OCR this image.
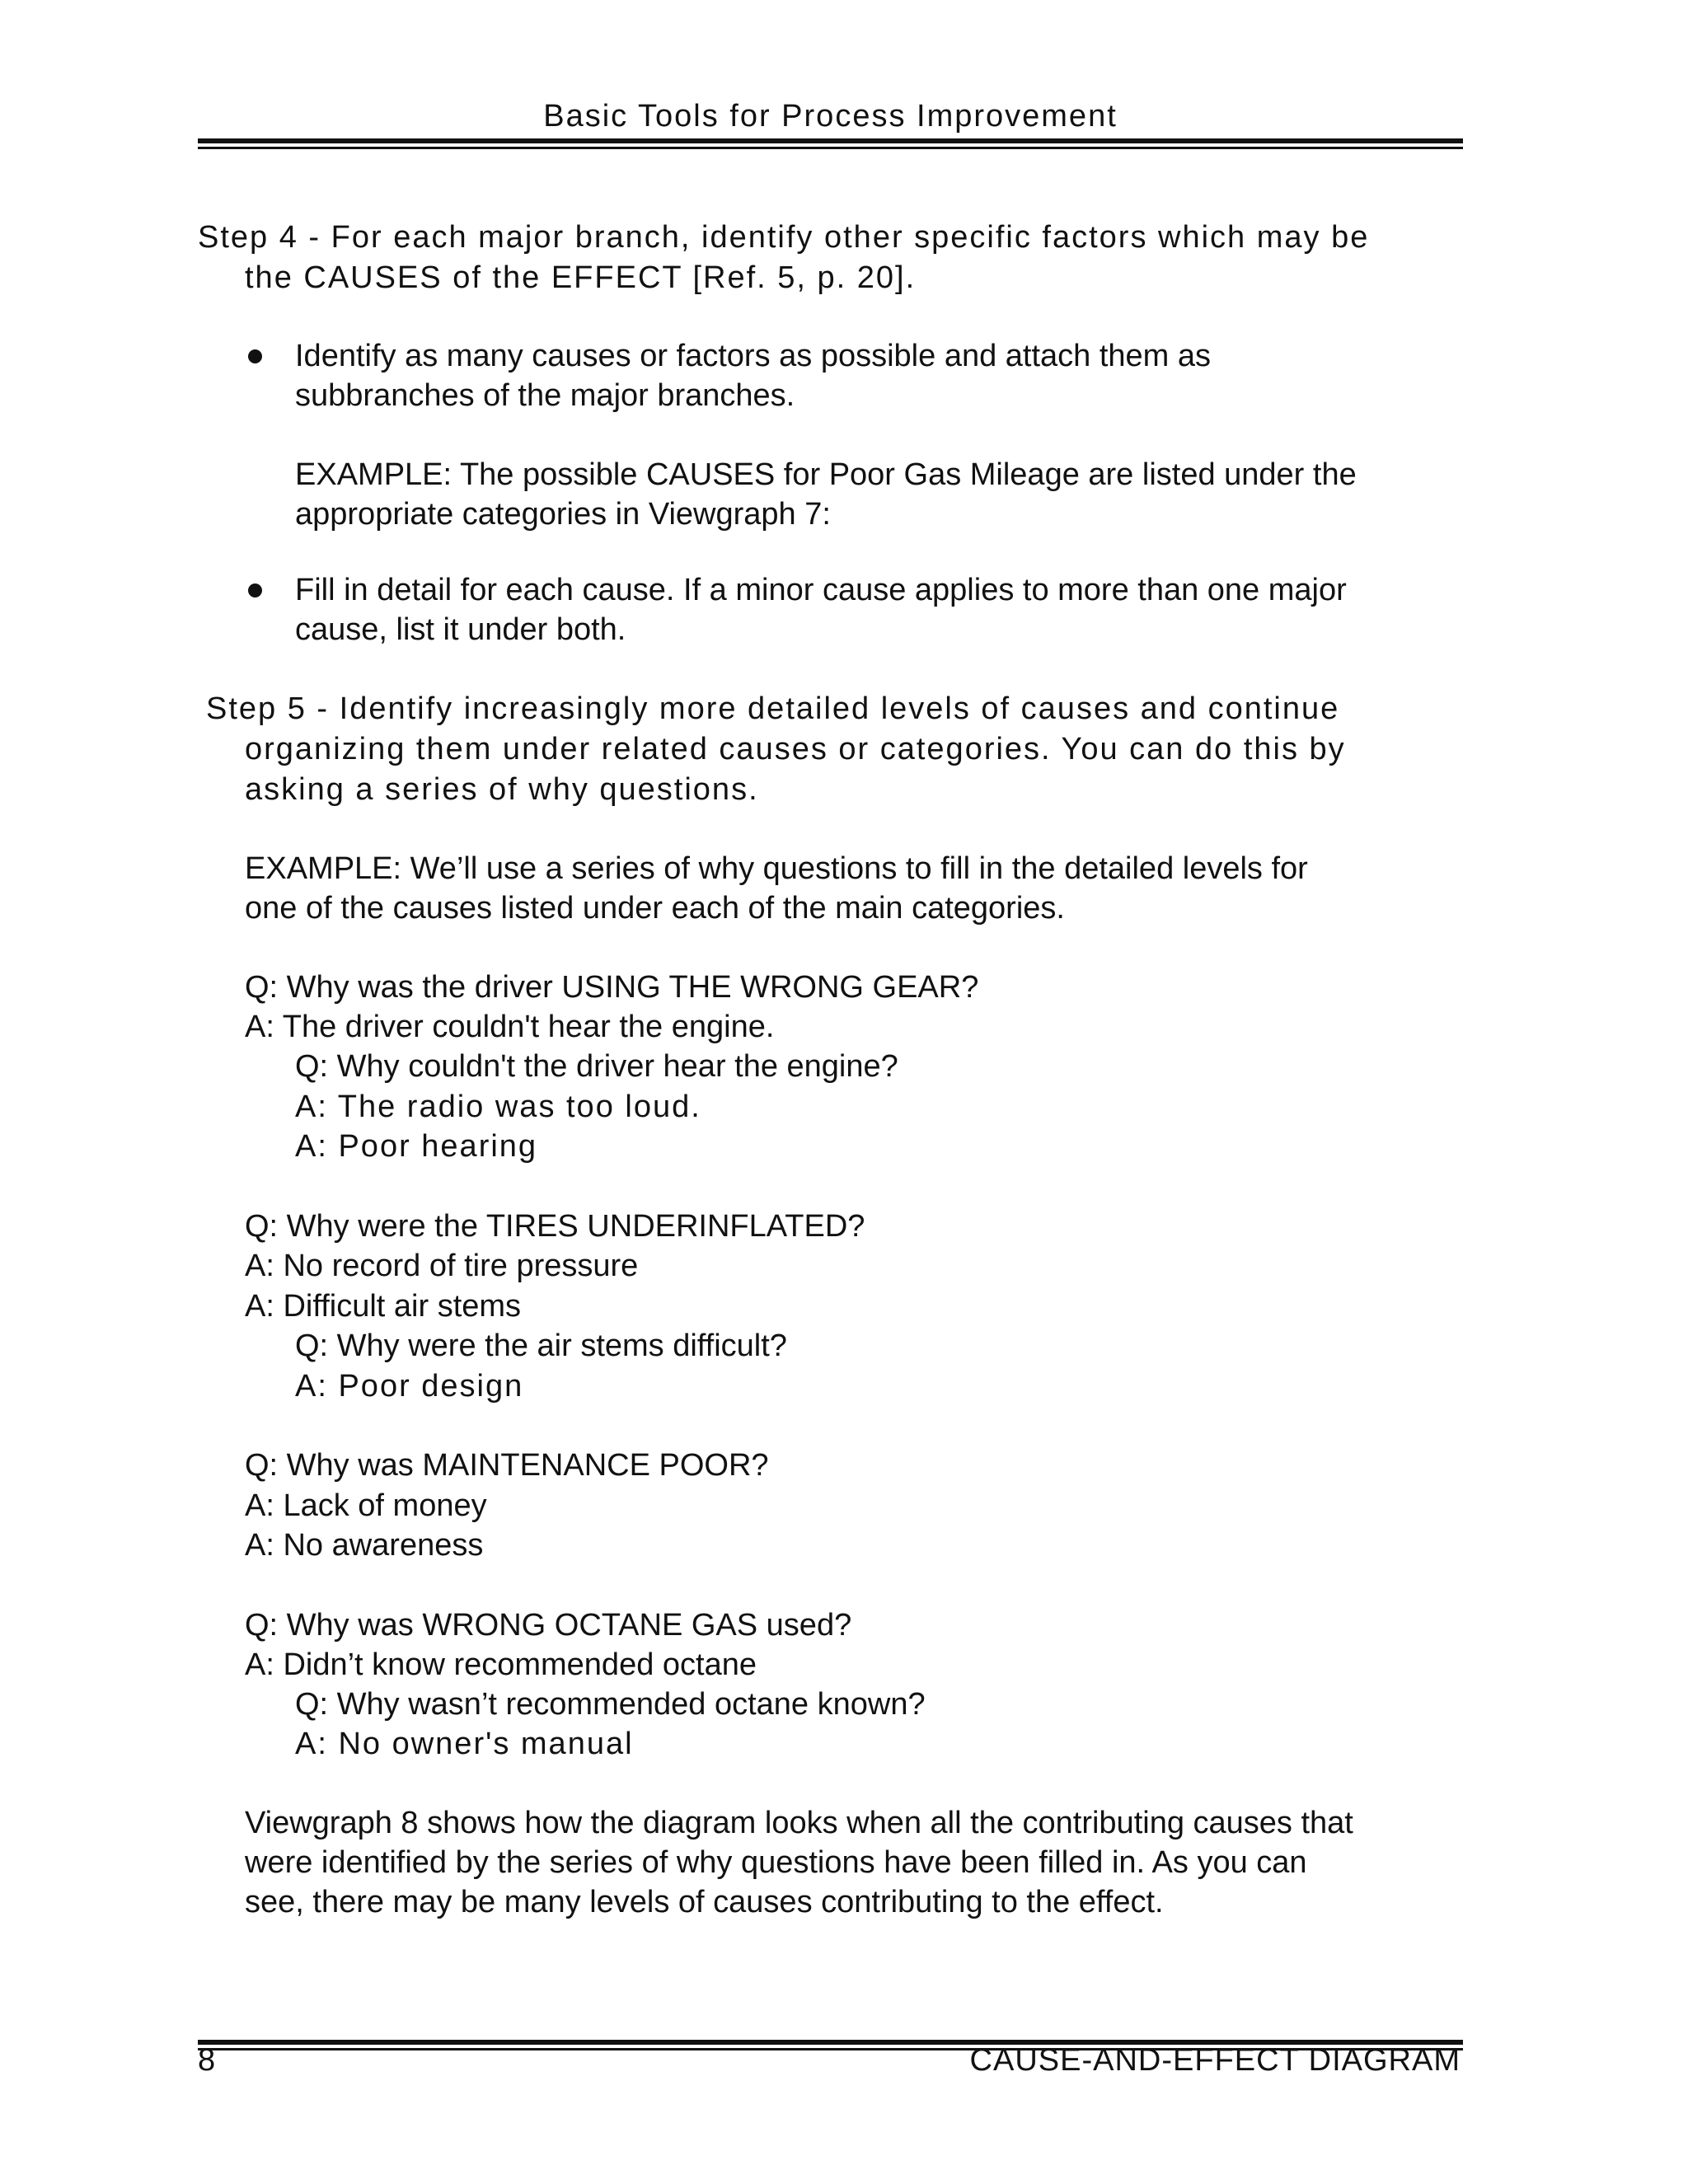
Basic Tools for Process Improvement
Step 4 - For each major branch, identify other specific factors which may be
the CAUSES of the EFFECT [Ref. 5, p. 20].
Identify as many causes or factors as possible and attach them as
subbranches of the major branches.
EXAMPLE: The possible CAUSES for Poor Gas Mileage are listed under the
appropriate categories in Viewgraph 7:
Fill in detail for each cause. If a minor cause applies to more than one major
cause, list it under both.
Step 5 - Identify increasingly more detailed levels of causes and continue
organizing them under related causes or categories. You can do this by
asking a series of why questions.
EXAMPLE: We’ll use a series of why questions to fill in the detailed levels for
one of the causes listed under each of the main categories.
Q: Why was the driver USING THE WRONG GEAR?
A: The driver couldn't hear the engine.
Q: Why couldn't the driver hear the engine?
A: The radio was too loud.
A: Poor hearing
Q: Why were the TIRES UNDERINFLATED?
A: No record of tire pressure
A: Difficult air stems
Q: Why were the air stems difficult?
A: Poor design
Q: Why was MAINTENANCE POOR?
A: Lack of money
A: No awareness
Q: Why was WRONG OCTANE GAS used?
A: Didn’t know recommended octane
Q: Why wasn’t recommended octane known?
A: No owner's manual
Viewgraph 8 shows how the diagram looks when all the contributing causes that
were identified by the series of why questions have been filled in. As you can
see, there may be many levels of causes contributing to the effect.
8	CAUSE-AND-EFFECT DIAGRAM
